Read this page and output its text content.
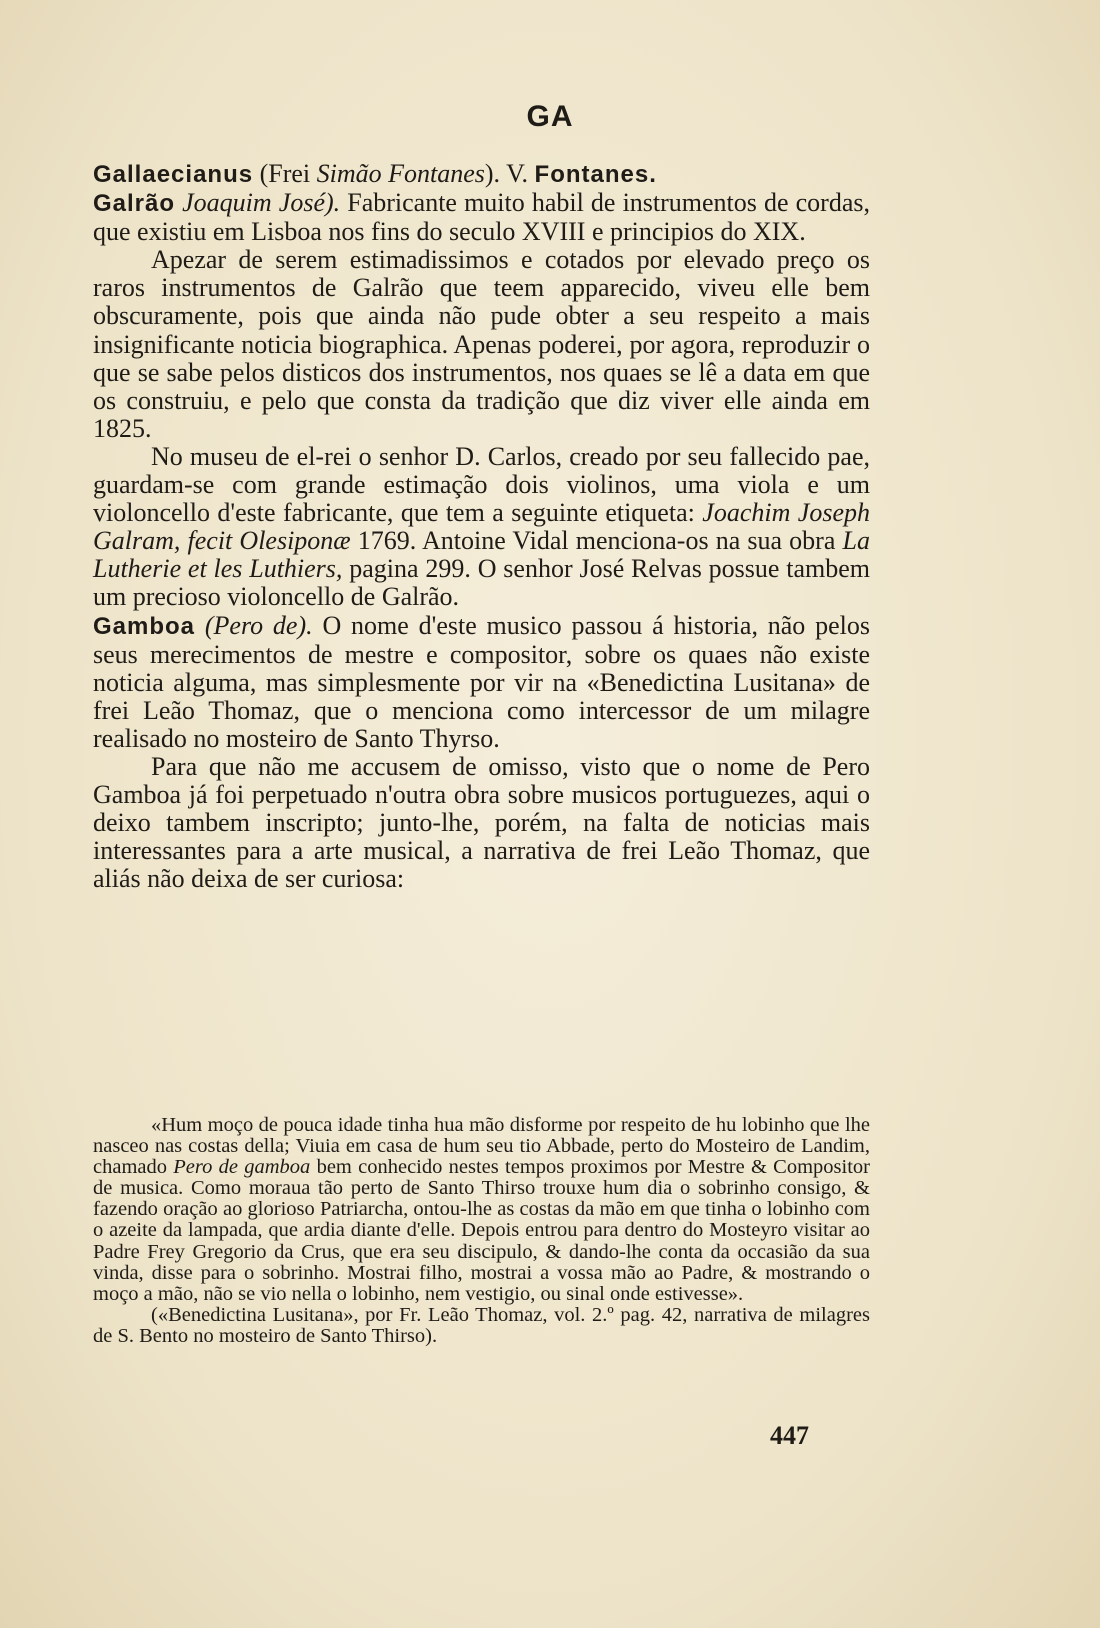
GA

Gallaecianus (Frei Simão Fontanes). V. Fontanes.

Galrão Joaquim José). Fabricante muito habil de instrumentos de cordas, que existiu em Lisboa nos fins do seculo XVIII e principios do XIX.

Apezar de serem estimadissimos e cotados por elevado preço os raros instrumentos de Galrão que teem apparecido, viveu elle bem obscuramente, pois que ainda não pude obter a seu respeito a mais insignificante noticia biographica. Apenas poderei, por agora, reproduzir o que se sabe pelos disticos dos instrumentos, nos quaes se lê a data em que os construiu, e pelo que consta da tradição que diz viver elle ainda em 1825.

No museu de el-rei o senhor D. Carlos, creado por seu fallecido pae, guardam-se com grande estimação dois violinos, uma viola e um violoncello d'este fabricante, que tem a seguinte etiqueta: Joachim Joseph Galram, fecit Olesiponæ 1769. Antoine Vidal menciona-os na sua obra La Lutherie et les Luthiers, pagina 299. O senhor José Relvas possue tambem um precioso violoncello de Galrão.

Gamboa (Pero de). O nome d'este musico passou á historia, não pelos seus merecimentos de mestre e compositor, sobre os quaes não existe noticia alguma, mas simplesmente por vir na «Benedictina Lusitana» de frei Leão Thomaz, que o menciona como intercessor de um milagre realisado no mosteiro de Santo Thyrso.

Para que não me accusem de omisso, visto que o nome de Pero Gamboa já foi perpetuado n'outra obra sobre musicos portuguezes, aqui o deixo tambem inscripto; junto-lhe, porém, na falta de noticias mais interessantes para a arte musical, a narrativa de frei Leão Thomaz, que aliás não deixa de ser curiosa:

«Hum moço de pouca idade tinha hua mão disforme por respeito de hu lobinho que lhe nasceo nas costas della; Viuia em casa de hum seu tio Abbade, perto do Mosteiro de Landim, chamado Pero de gamboa bem conhecido nestes tempos proximos por Mestre & Compositor de musica. Como moraua tão perto de Santo Thirso trouxe hum dia o sobrinho consigo, & fazendo oração ao glorioso Patriarcha, ontou-lhe as costas da mão em que tinha o lobinho com o azeite da lampada, que ardia diante d'elle. Depois entrou para dentro do Mosteyro visitar ao Padre Frey Gregorio da Crus, que era seu discipulo, & dando-lhe conta da occasião da sua vinda, disse para o sobrinho. Mostrai filho, mostrai a vossa mão ao Padre, & mostrando o moço a mão, não se vio nella o lobinho, nem vestigio, ou sinal onde estivesse».

(«Benedictina Lusitana», por Fr. Leão Thomaz, vol. 2.º pag. 42, narrativa de milagres de S. Bento no mosteiro de Santo Thirso).

447
